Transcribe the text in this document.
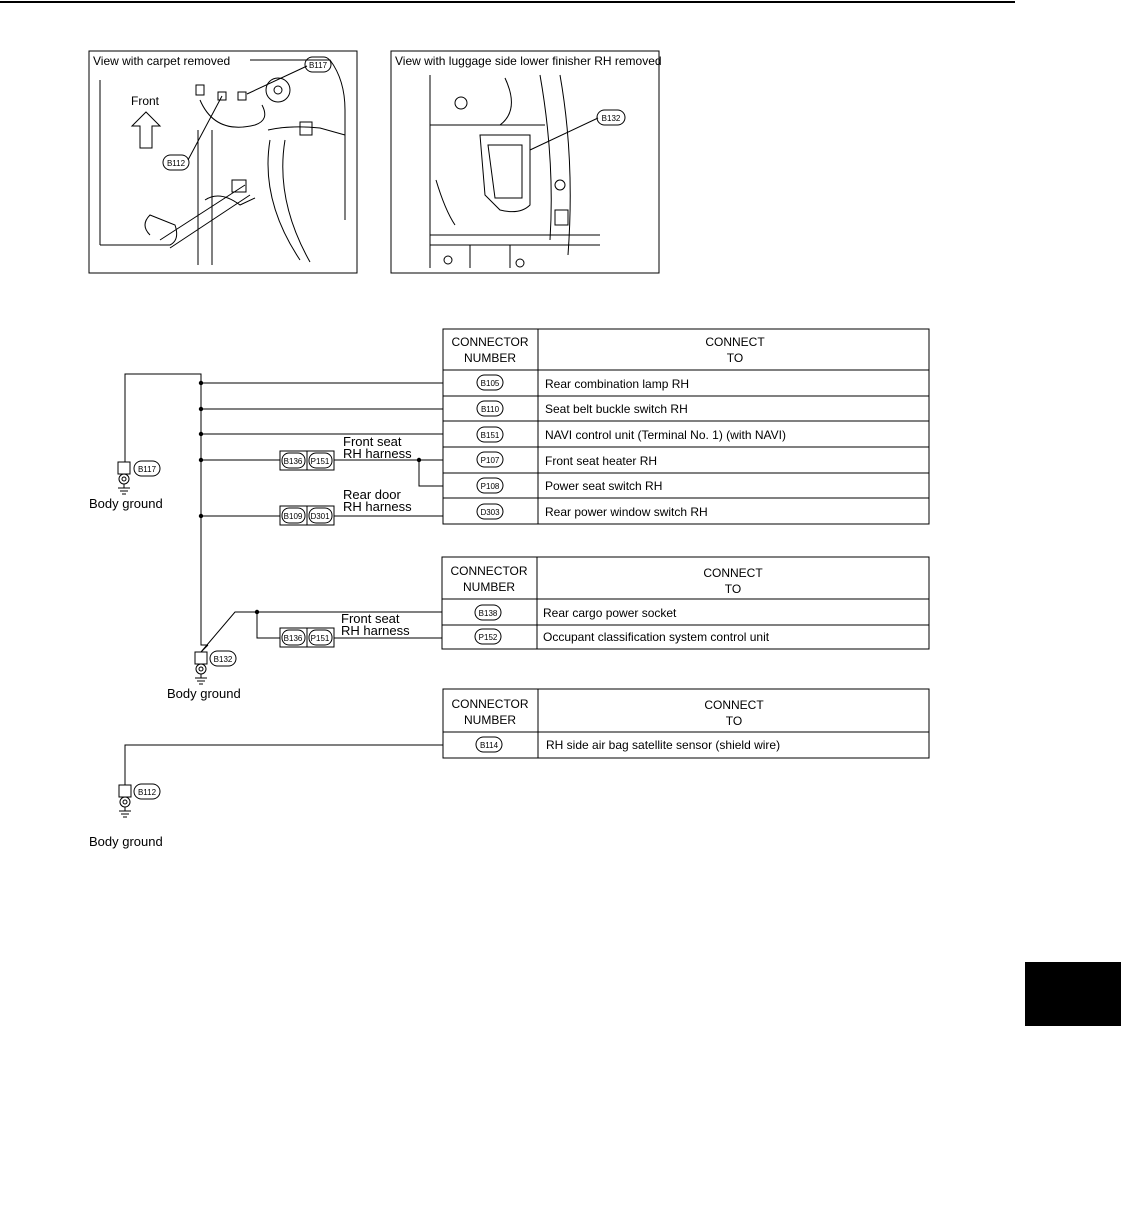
View with carpet removed
Front
B117
B112
View with luggage side lower finisher RH removed
B132
CONNECTOR
NUMBER
CONNECT
TO
B105	Rear combination lamp RH
B110	Seat belt buckle switch RH
B151	NAVI control unit (Terminal No. 1) (with NAVI)
P107	Front seat heater RH
P108	Power seat switch RH
D303	Rear power window switch RH
CONNECTOR
NUMBER
CONNECT
TO
B138	Rear cargo power socket
P152	Occupant classification system control unit
CONNECTOR
NUMBER
CONNECT
TO
B114	RH side air bag satellite sensor (shield wire)
B117
Body ground
B136 P151
Front seat
RH harness
B109 D301
Rear door
RH harness
B136 P151
Front seat
RH harness
B132
Body ground
B112
Body ground
